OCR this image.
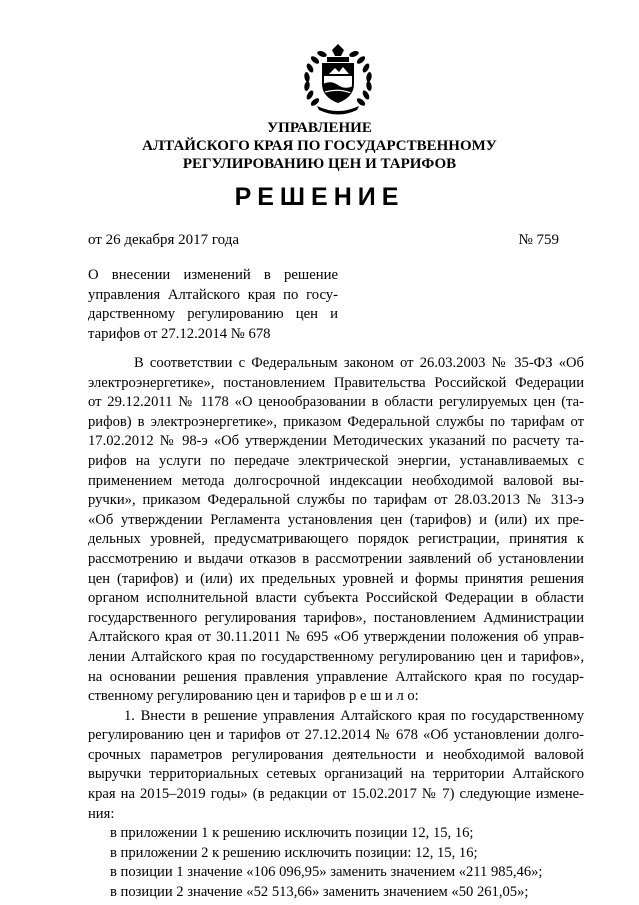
УПРАВЛЕНИЕ
АЛТАЙСКОГО КРАЯ ПО ГОСУДАРСТВЕННОМУ
РЕГУЛИРОВАНИЮ ЦЕН И ТАРИФОВ
РЕШЕНИЕ
от 26 декабря 2017 года	№ 759
О внесении изменений в решение
управления Алтайского края по госу-
дарственному регулированию цен и
тарифов от 27.12.2014 № 678
В соответствии с Федеральным законом от 26.03.2003 № 35-ФЗ «Об
электроэнергетике», постановлением Правительства Российской Федерации
от 29.12.2011 № 1178 «О ценообразовании в области регулируемых цен (та-
рифов) в электроэнергетике», приказом Федеральной службы по тарифам от
17.02.2012 № 98-э «Об утверждении Методических указаний по расчету та-
рифов на услуги по передаче электрической энергии, устанавливаемых с
применением метода долгосрочной индексации необходимой валовой вы-
ручки», приказом Федеральной службы по тарифам от 28.03.2013 № 313-э
«Об утверждении Регламента установления цен (тарифов) и (или) их пре-
дельных уровней, предусматривающего порядок регистрации, принятия к
рассмотрению и выдачи отказов в рассмотрении заявлений об установлении
цен (тарифов) и (или) их предельных уровней и формы принятия решения
органом исполнительной власти субъекта Российской Федерации в области
государственного регулирования тарифов», постановлением Администрации
Алтайского края от 30.11.2011 № 695 «Об утверждении положения об управ-
лении Алтайского края по государственному регулированию цен и тарифов»,
на основании решения правления управление Алтайского края по государ-
ственному регулированию цен и тарифов р е ш и л о:
1. Внести в решение управления Алтайского края по государственному
регулированию цен и тарифов от 27.12.2014 № 678 «Об установлении долго-
срочных параметров регулирования деятельности и необходимой валовой
выручки территориальных сетевых организаций на территории Алтайского
края на 2015–2019 годы» (в редакции от 15.02.2017 № 7) следующие измене-
ния:
в приложении 1 к решению исключить позиции 12, 15, 16;
в приложении 2 к решению исключить позиции: 12, 15, 16;
в позиции 1 значение «106 096,95» заменить значением «211 985,46»;
в позиции 2 значение «52 513,66» заменить значением «50 261,05»;
